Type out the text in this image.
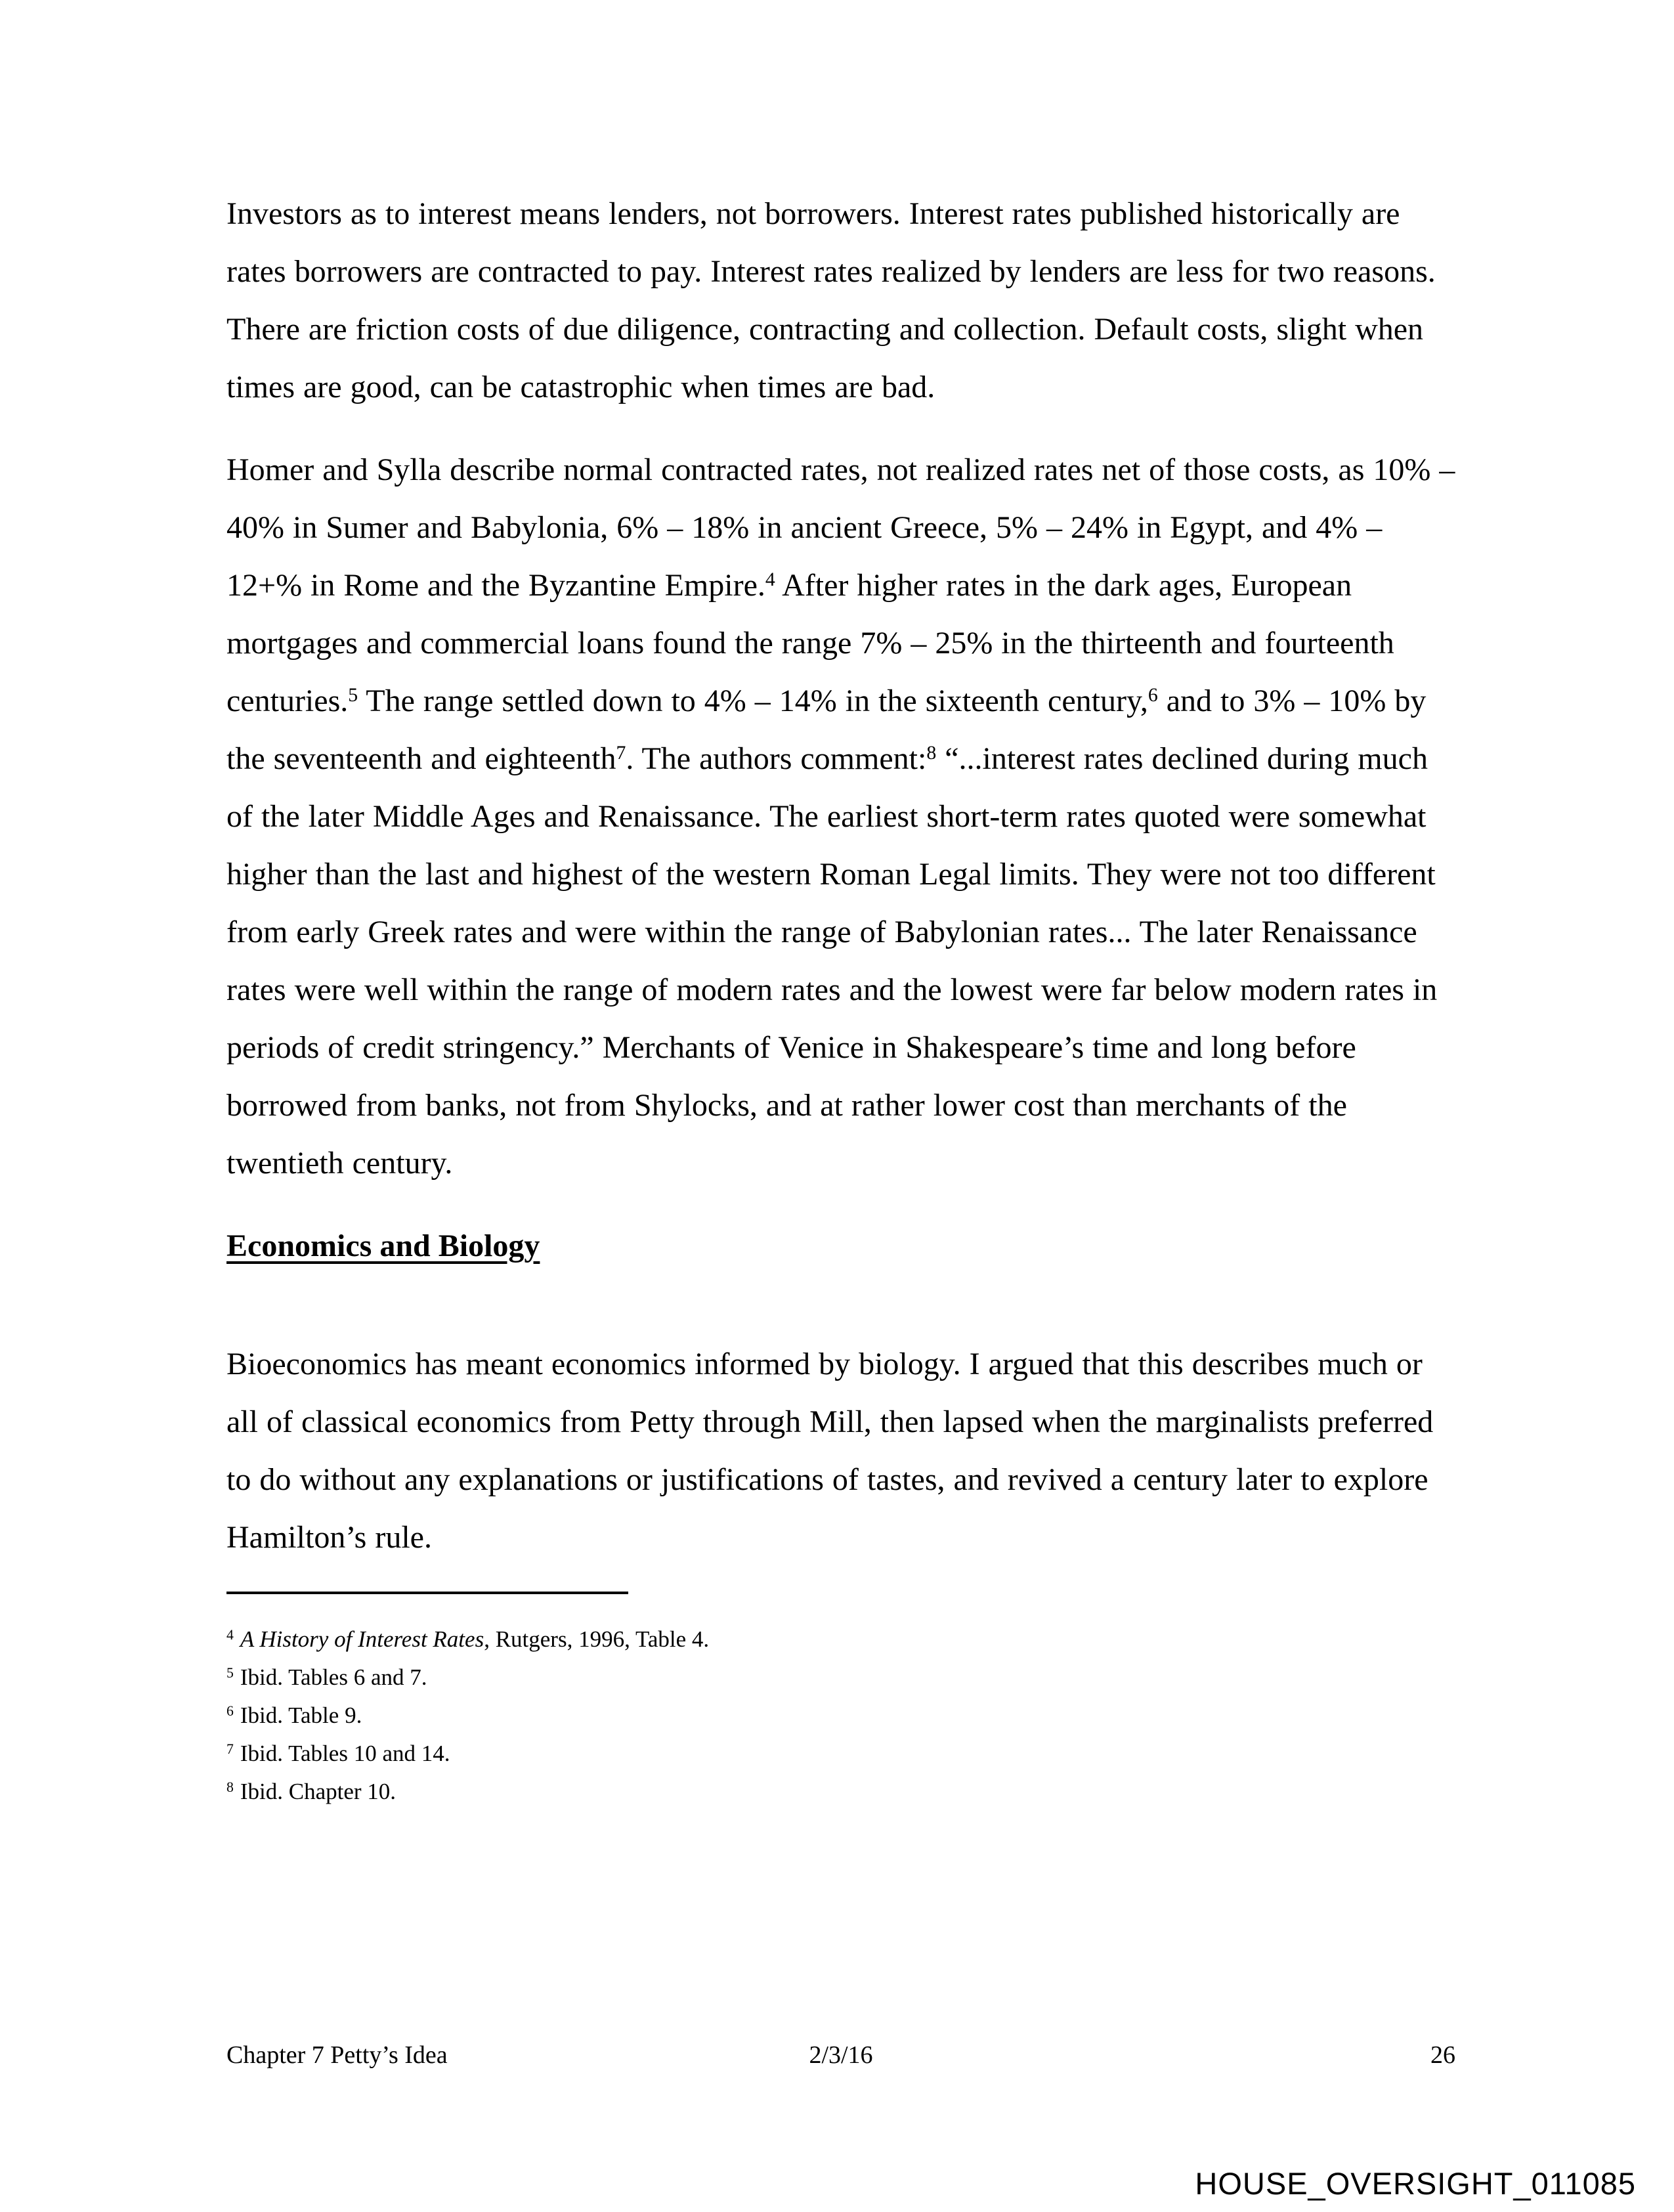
Investors as to interest means lenders, not borrowers. Interest rates published historically are rates borrowers are contracted to pay. Interest rates realized by lenders are less for two reasons. There are friction costs of due diligence, contracting and collection. Default costs, slight when times are good, can be catastrophic when times are bad.

Homer and Sylla describe normal contracted rates, not realized rates net of those costs, as 10% – 40% in Sumer and Babylonia, 6% – 18% in ancient Greece, 5% – 24% in Egypt, and 4% – 12+% in Rome and the Byzantine Empire.$^4$ After higher rates in the dark ages, European mortgages and commercial loans found the range 7% – 25% in the thirteenth and fourteenth centuries.$^5$ The range settled down to 4% – 14% in the sixteenth century,$^6$ and to 3% – 10% by the seventeenth and eighteenth$^7$. The authors comment:$^8$ “...interest rates declined during much of the later Middle Ages and Renaissance. The earliest short-term rates quoted were somewhat higher than the last and highest of the western Roman Legal limits. They were not too different from early Greek rates and were within the range of Babylonian rates... The later Renaissance rates were well within the range of modern rates and the lowest were far below modern rates in periods of credit stringency.” Merchants of Venice in Shakespeare’s time and long before borrowed from banks, not from Shylocks, and at rather lower cost than merchants of the twentieth century.

Economics and Biology

Bioeconomics has meant economics informed by biology. I argued that this describes much or all of classical economics from Petty through Mill, then lapsed when the marginalists preferred to do without any explanations or justifications of tastes, and revived a century later to explore Hamilton’s rule.

$^4$ A History of Interest Rates, Rutgers, 1996, Table 4.

$^5$ Ibid. Tables 6 and 7.

$^6$ Ibid. Table 9.

$^7$ Ibid. Tables 10 and 14.

$^8$ Ibid. Chapter 10.

Chapter 7 Petty’s Idea	2/3/16	26
HOUSE_OVERSIGHT_011085
